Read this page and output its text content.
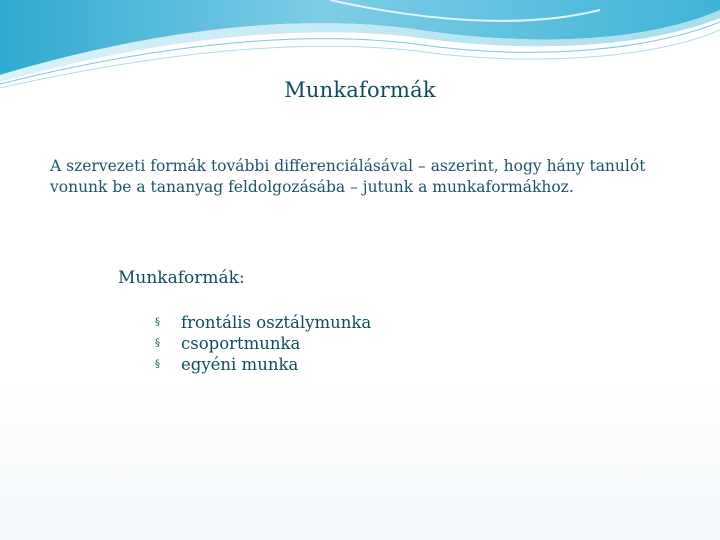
Munkaformák
A szervezeti formák további differenciálásával – aszerint, hogy hány tanulót
vonunk be a tananyag feldolgozásába – jutunk a munkaformákhoz.
Munkaformák:
§ frontális osztálymunka
§ csoportmunka
§ egyéni munka
